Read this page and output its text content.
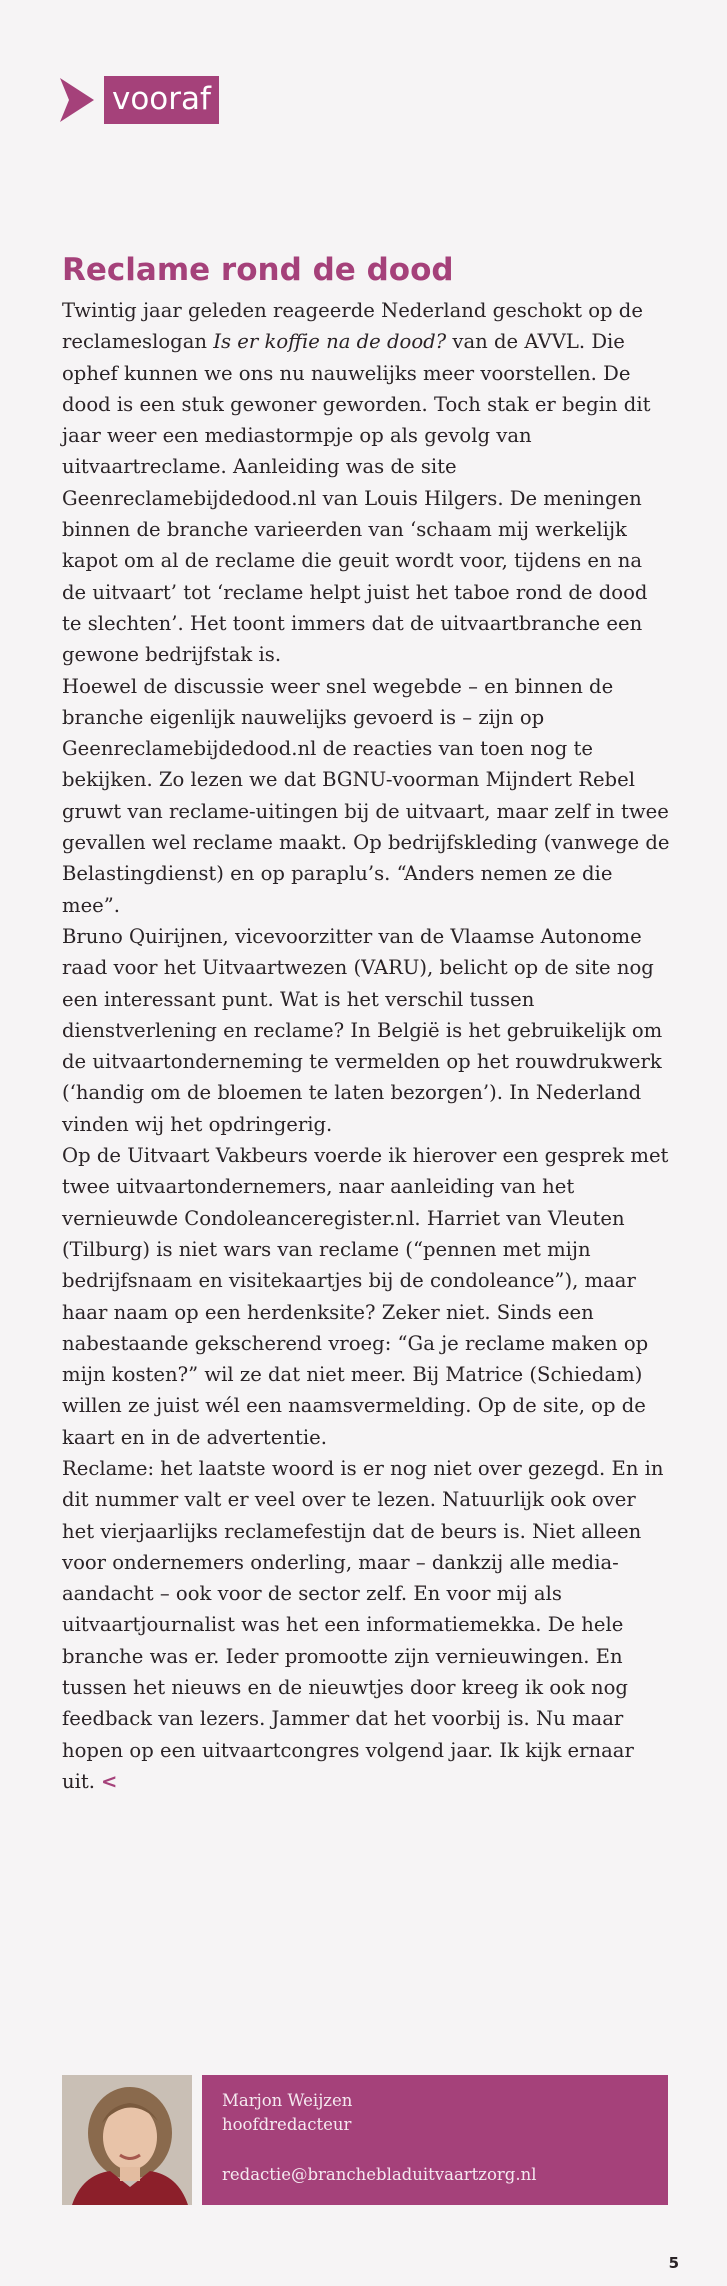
vooraf
Reclame rond de dood

Twintig jaar geleden reageerde Nederland geschokt op de reclameslogan Is er koffie na de dood? van de AVVL. Die ophef kunnen we ons nu nauwelijks meer voorstellen. De dood is een stuk gewoner geworden. Toch stak er begin dit jaar weer een mediastormpje op als gevolg van uitvaartreclame. Aanleiding was de site Geenreclamebijdedood.nl van Louis Hilgers. De meningen binnen de branche varieerden van ‘schaam mij werkelijk kapot om al de reclame die geuit wordt voor, tijdens en na de uitvaart’ tot ‘reclame helpt juist het taboe rond de dood te slechten’. Het toont immers dat de uitvaartbranche een gewone bedrijfstak is.

Hoewel de discussie weer snel wegebde – en binnen de branche eigenlijk nauwelijks gevoerd is – zijn op Geenreclamebijdedood.nl de reacties van toen nog te bekijken. Zo lezen we dat BGNU-voorman Mijndert Rebel gruwt van reclame-uitingen bij de uitvaart, maar zelf in twee gevallen wel reclame maakt. Op bedrijfskleding (vanwege de Belastingdienst) en op paraplu’s. “Anders nemen ze die mee”.

Bruno Quirijnen, vicevoorzitter van de Vlaamse Autonome raad voor het Uitvaartwezen (VARU), belicht op de site nog een interessant punt. Wat is het verschil tussen dienstverlening en reclame? In België is het gebruikelijk om de uitvaartonderneming te vermelden op het rouwdrukwerk (‘handig om de bloemen te laten bezorgen’). In Nederland vinden wij het opdringerig.

Op de Uitvaart Vakbeurs voerde ik hierover een gesprek met twee uitvaartondernemers, naar aanleiding van het vernieuwde Condoleanceregister.nl. Harriet van Vleuten (Tilburg) is niet wars van reclame (“pennen met mijn bedrijfsnaam en visitekaartjes bij de condoleance”), maar haar naam op een herdenksite? Zeker niet. Sinds een nabestaande gekscherend vroeg: “Ga je reclame maken op mijn kosten?” wil ze dat niet meer. Bij Matrice (Schiedam) willen ze juist wél een naamsvermelding. Op de site, op de kaart en in de advertentie.

Reclame: het laatste woord is er nog niet over gezegd. En in dit nummer valt er veel over te lezen. Natuurlijk ook over het vierjaarlijks reclamefestijn dat de beurs is. Niet alleen voor ondernemers onderling, maar – dankzij alle media-aandacht – ook voor de sector zelf. En voor mij als uitvaartjournalist was het een informatiemekka. De hele branche was er. Ieder promootte zijn vernieuwingen. En tussen het nieuws en de nieuwtjes door kreeg ik ook nog feedback van lezers. Jammer dat het voorbij is. Nu maar hopen op een uitvaartcongres volgend jaar. Ik kijk ernaar uit. <

Marjon Weijzen
hoofdredacteur
redactie@branchebladuitvaartzorg.nl
5
